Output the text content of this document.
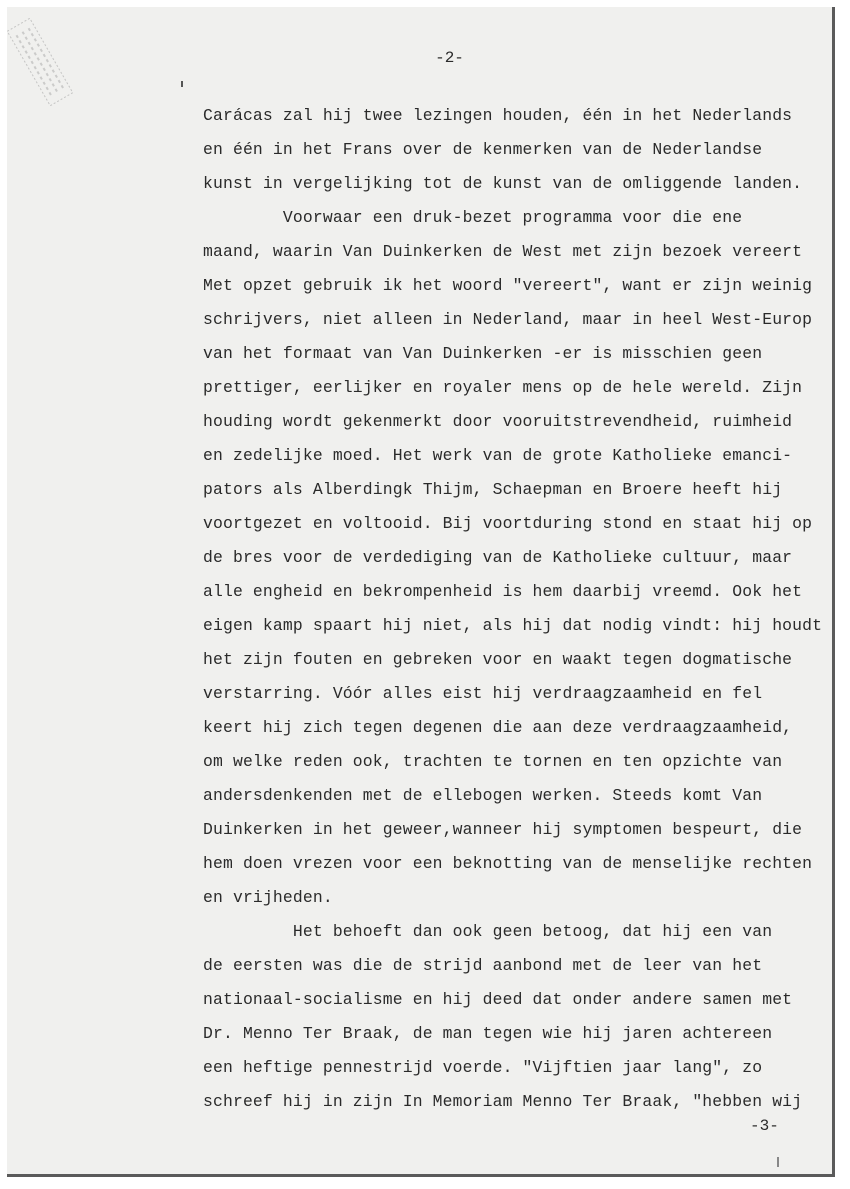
-2-
Carácas zal hij twee lezingen houden, één in het Nederlands
en één in het Frans over de kenmerken van de Nederlandse
kunst in vergelijking tot de kunst van de omliggende landen.
Voorwaar een druk-bezet programma voor die ene
maand, waarin Van Duinkerken de West met zijn bezoek vereert
Met opzet gebruik ik het woord "vereert", want er zijn weinig
schrijvers, niet alleen in Nederland, maar in heel West-Europ
van het formaat van Van Duinkerken -er is misschien geen
prettiger, eerlijker en royaler mens op de hele wereld. Zijn
houding wordt gekenmerkt door vooruitstrevendheid, ruimheid
en zedelijke moed. Het werk van de grote Katholieke emanci-
pators als Alberdingk Thijm, Schaepman en Broere heeft hij
voortgezet en voltooid. Bij voortduring stond en staat hij op
de bres voor de verdediging van de Katholieke cultuur, maar
alle engheid en bekrompenheid is hem daarbij vreemd. Ook het
eigen kamp spaart hij niet, als hij dat nodig vindt: hij houdt
het zijn fouten en gebreken voor en waakt tegen dogmatische
verstarring. Vóór alles eist hij verdraagzaamheid en fel
keert hij zich tegen degenen die aan deze verdraagzaamheid,
om welke reden ook, trachten te tornen en ten opzichte van
andersdenkenden met de ellebogen werken. Steeds komt Van
Duinkerken in het geweer,wanneer hij symptomen bespeurt, die
hem doen vrezen voor een beknotting van de menselijke rechten
en vrijheden.
Het behoeft dan ook geen betoog, dat hij een van
de eersten was die de strijd aanbond met de leer van het
nationaal-socialisme en hij deed dat onder andere samen met
Dr. Menno Ter Braak, de man tegen wie hij jaren achtereen
een heftige pennestrijd voerde. "Vijftien jaar lang", zo
schreef hij in zijn In Memoriam Menno Ter Braak, "hebben wij
-3-
